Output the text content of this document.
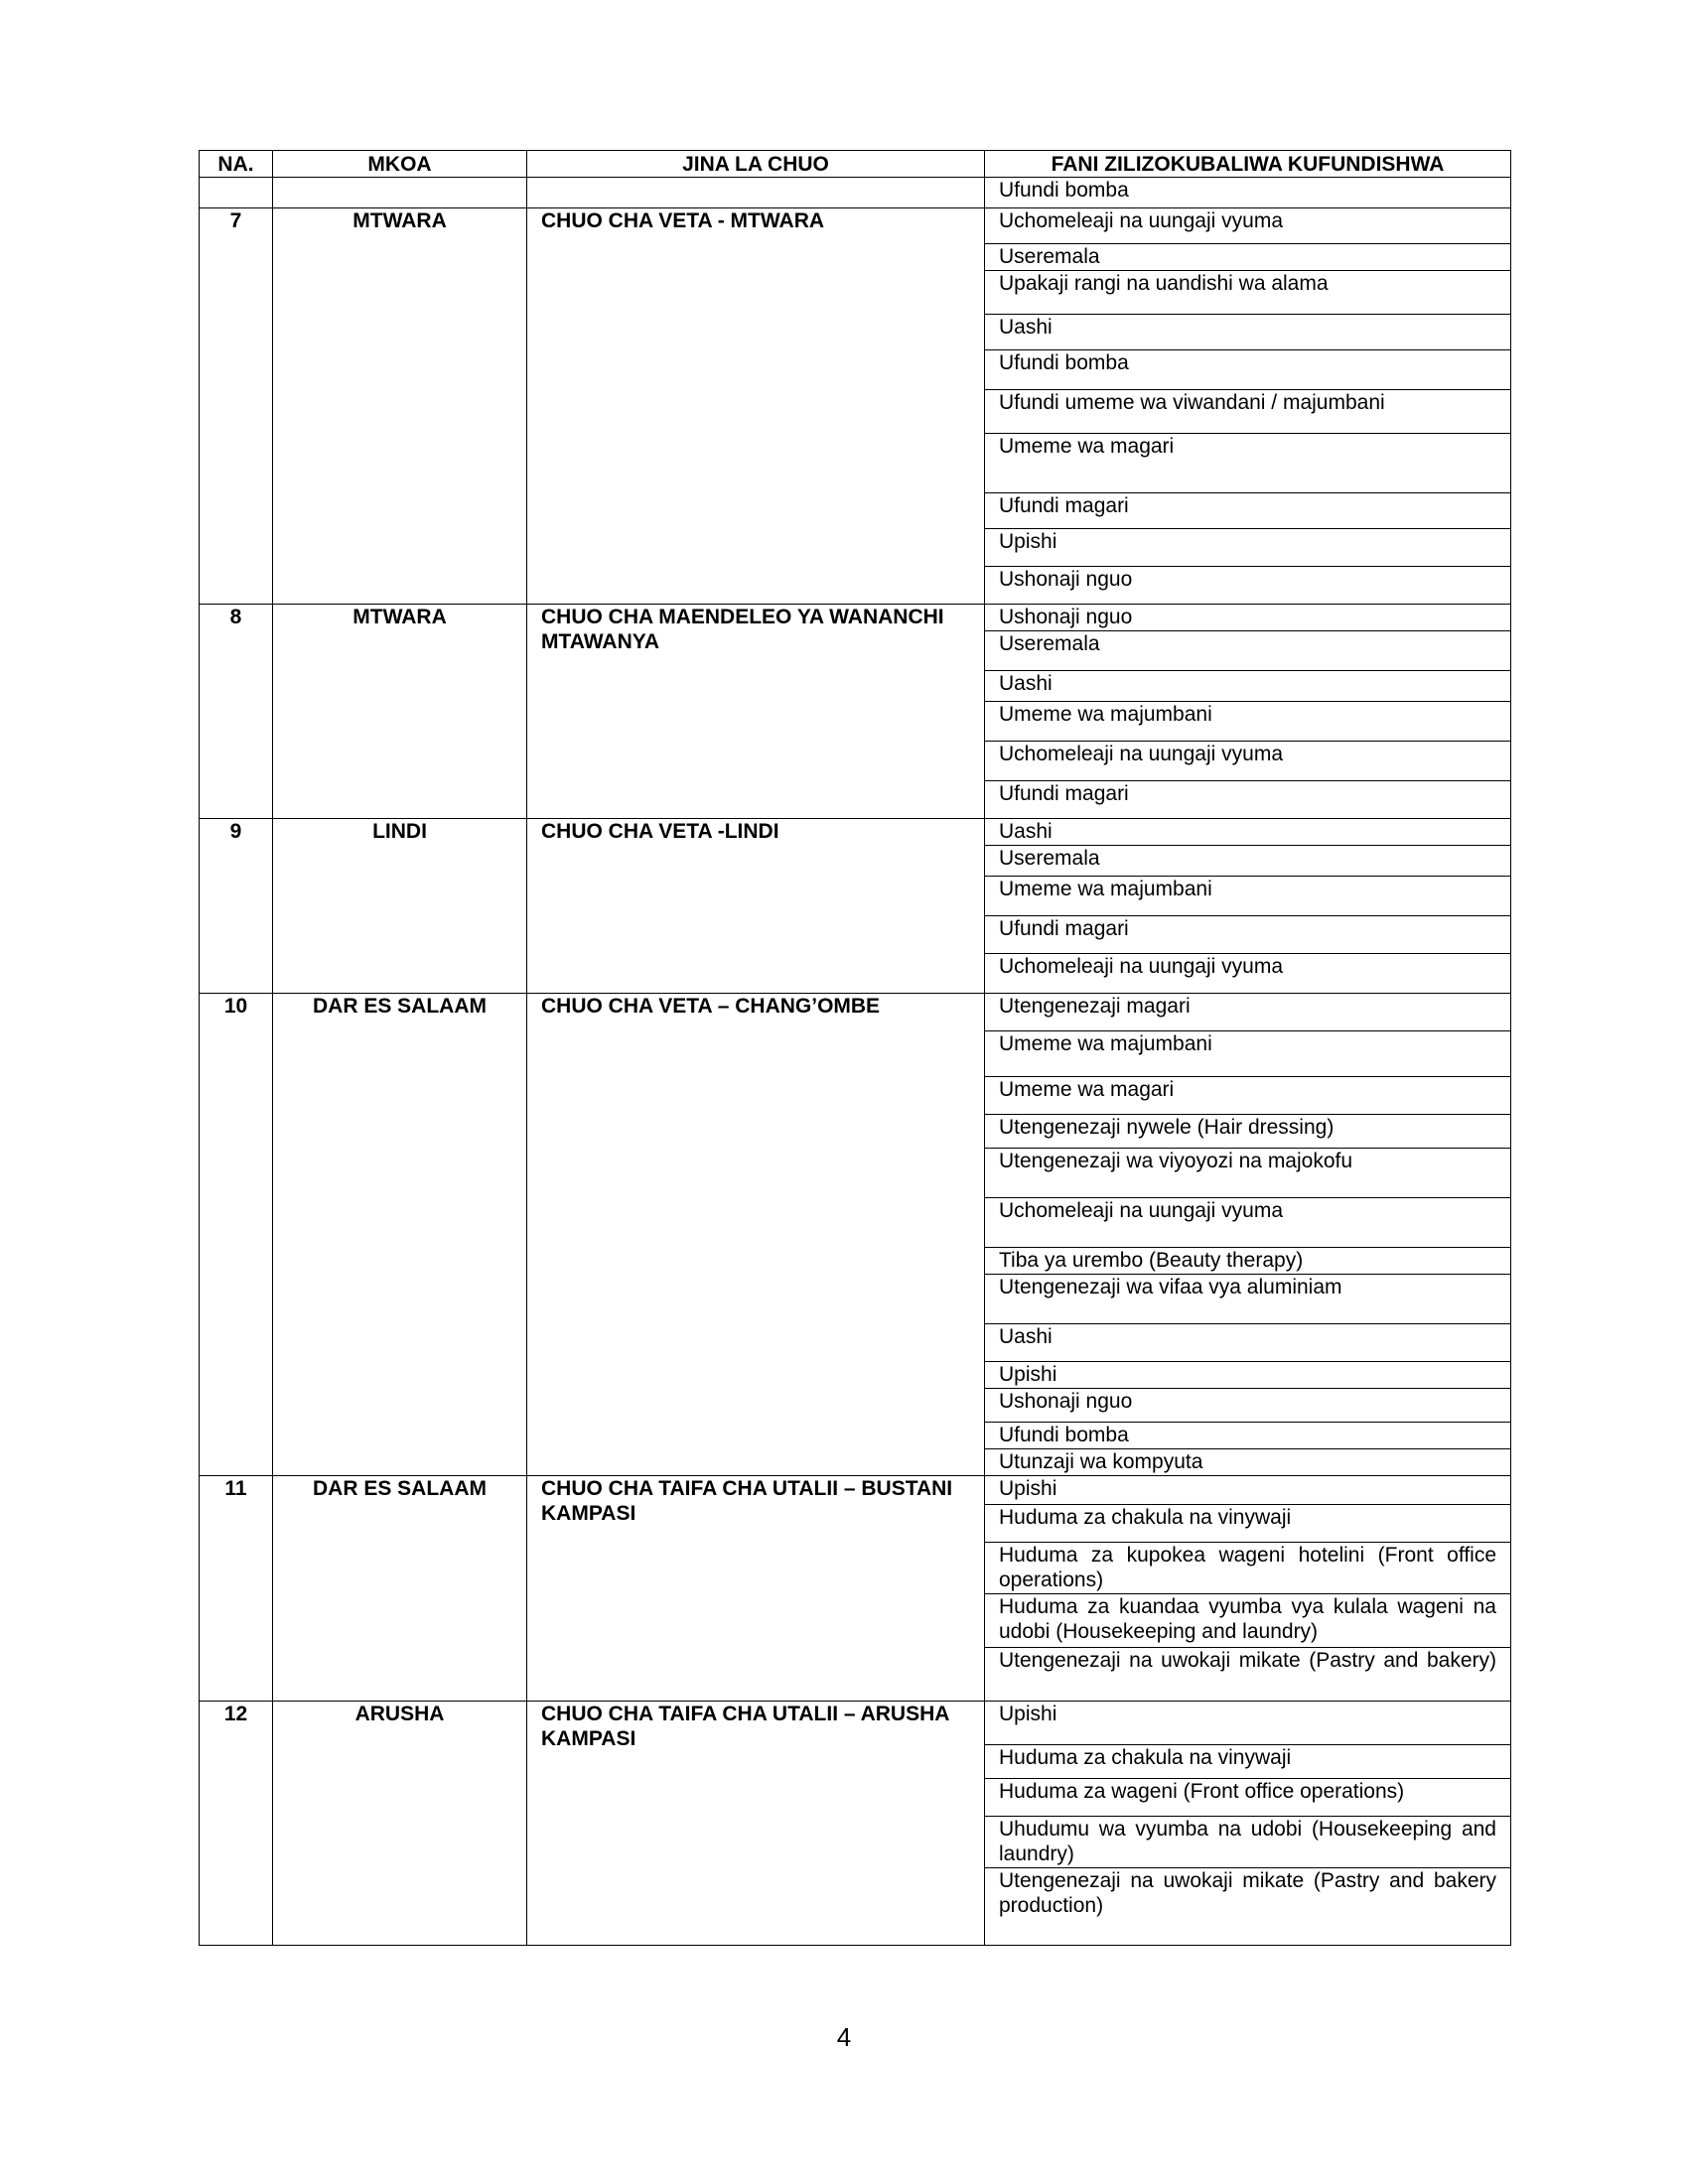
NA.	MKOA	JINA LA CHUO	FANI ZILIZOKUBALIWA KUFUNDISHWA
			Ufundi bomba
7	MTWARA	CHUO CHA VETA - MTWARA	Uchomeleaji na uungaji vyuma
			Useremala
			Upakaji rangi na uandishi wa alama
			Uashi
			Ufundi bomba
			Ufundi umeme wa viwandani / majumbani
			Umeme wa magari
			Ufundi magari
			Upishi
			Ushonaji nguo
8	MTWARA	CHUO CHA MAENDELEO YA WANANCHI MTAWANYA	Ushonaji nguo
			Useremala
			Uashi
			Umeme wa majumbani
			Uchomeleaji na uungaji vyuma
			Ufundi magari
9	LINDI	CHUO CHA VETA -LINDI	Uashi
			Useremala
			Umeme wa majumbani
			Ufundi magari
			Uchomeleaji na uungaji vyuma
10	DAR ES SALAAM	CHUO CHA VETA – CHANG’OMBE	Utengenezaji magari
			Umeme wa majumbani
			Umeme wa magari
			Utengenezaji nywele (Hair dressing)
			Utengenezaji wa viyoyozi na majokofu
			Uchomeleaji na uungaji vyuma
			Tiba ya urembo (Beauty therapy)
			Utengenezaji wa vifaa vya aluminiam
			Uashi
			Upishi
			Ushonaji nguo
			Ufundi bomba
			Utunzaji wa kompyuta
11	DAR ES SALAAM	CHUO CHA TAIFA CHA UTALII – BUSTANI KAMPASI	Upishi
			Huduma za chakula na vinywaji
			Huduma za kupokea wageni hotelini (Front office operations)
			Huduma za kuandaa vyumba vya kulala wageni na udobi (Housekeeping and laundry)
			Utengenezaji na uwokaji mikate (Pastry and bakery)
12	ARUSHA	CHUO CHA TAIFA CHA UTALII – ARUSHA KAMPASI	Upishi
			Huduma za chakula na vinywaji
			Huduma za wageni (Front office operations)
			Uhudumu wa vyumba na udobi (Housekeeping and laundry)
			Utengenezaji na uwokaji mikate (Pastry and bakery production)
4
